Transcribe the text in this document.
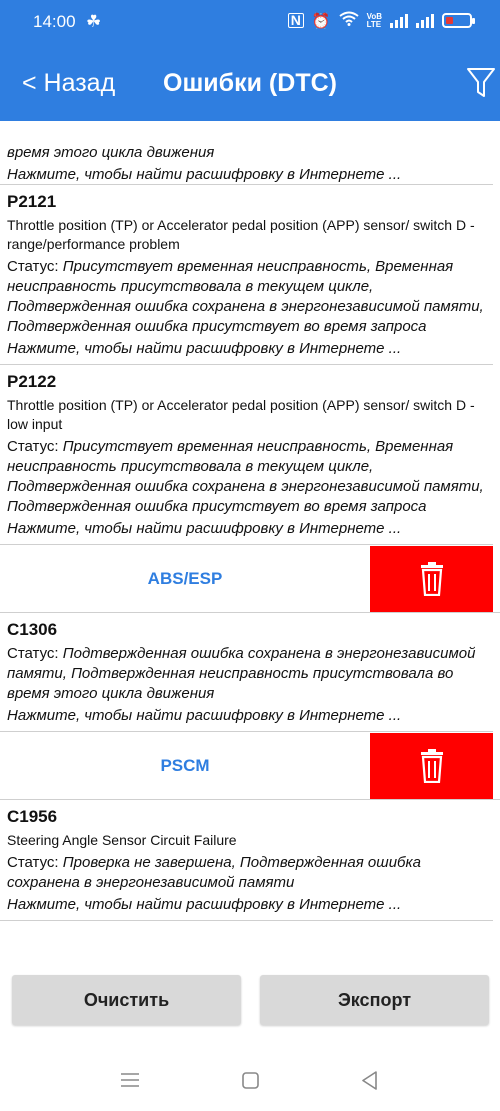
14:00 ☘	N ⏰	VoB
LTE
< Назад	Ошибки (DTC)
время этого цикла движения
Нажмите, чтобы найти расшифровку в Интернете ...
P2121
Throttle position (TP) or Accelerator pedal position (APP) sensor/ switch D - range/performance problem
Статус: Присутствует временная неисправность, Временная неисправность присутствовала в текущем цикле, Подтвержденная ошибка сохранена в энергонезависимой памяти, Подтвержденная ошибка присутствует во время запроса
Нажмите, чтобы найти расшифровку в Интернете ...
P2122
Throttle position (TP) or Accelerator pedal position (APP) sensor/ switch D - low input
Статус: Присутствует временная неисправность, Временная неисправность присутствовала в текущем цикле, Подтвержденная ошибка сохранена в энергонезависимой памяти, Подтвержденная ошибка присутствует во время запроса
Нажмите, чтобы найти расшифровку в Интернете ...
ABS/ESP
C1306
Статус: Подтвержденная ошибка сохранена в энергонезависимой памяти, Подтвержденная неисправность присутствовала во время этого цикла движения
Нажмите, чтобы найти расшифровку в Интернете ...
PSCM
C1956
Steering Angle Sensor Circuit Failure
Статус: Проверка не завершена, Подтвержденная ошибка сохранена в энергонезависимой памяти
Нажмите, чтобы найти расшифровку в Интернете ...
Очистить	Экспорт
